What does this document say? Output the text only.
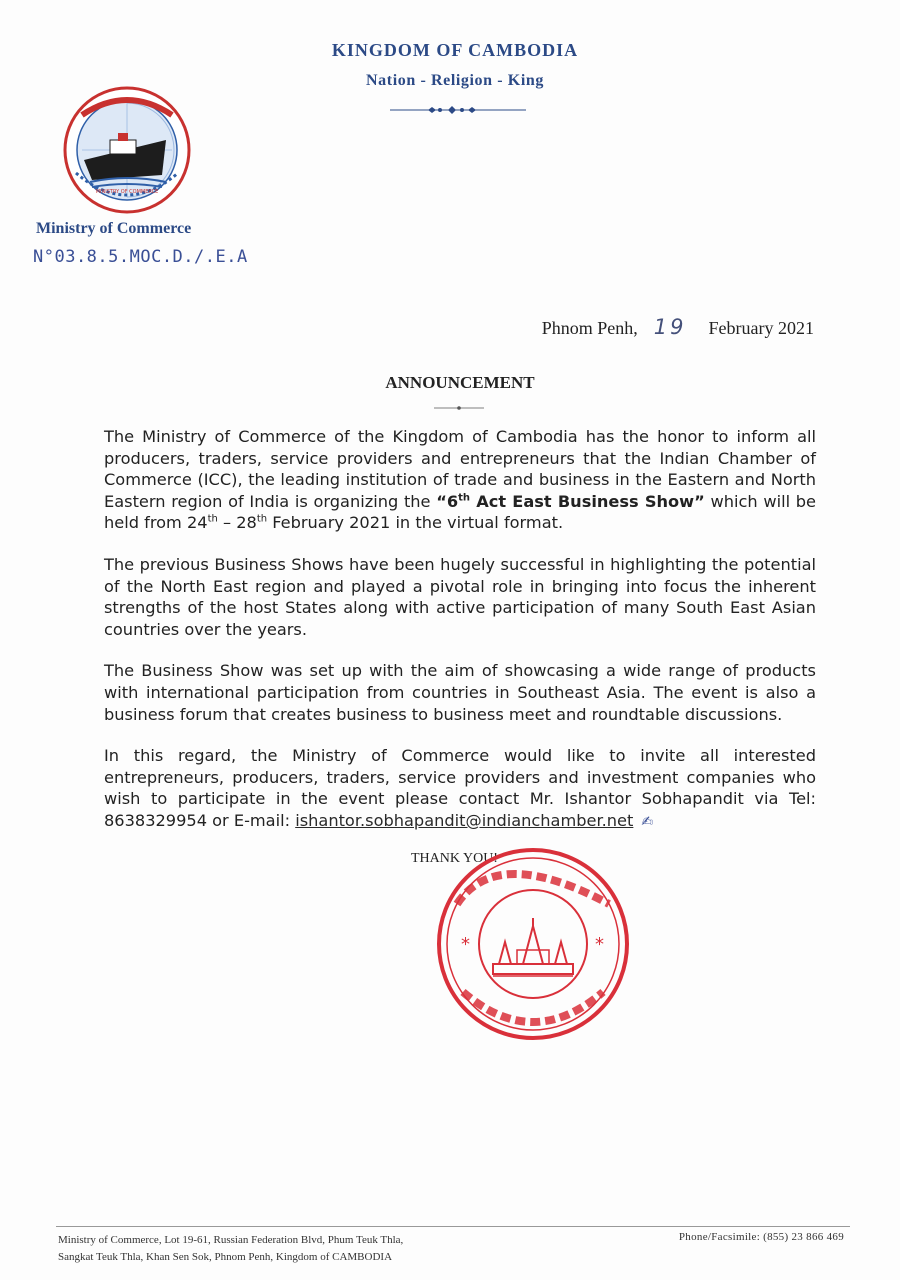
KINGDOM OF CAMBODIA
Nation - Religion - King
MINISTRY OF COMMERCE
Ministry of Commerce
N°03.8.5.MOC.D./.E.A
Phnom Penh, 19 February 2021
ANNOUNCEMENT

The Ministry of Commerce of the Kingdom of Cambodia has the honor to inform all producers, traders, service providers and entrepreneurs that the Indian Chamber of Commerce (ICC), the leading institution of trade and business in the Eastern and North Eastern region of India is organizing the “6th Act East Business Show” which will be held from 24th – 28th February 2021 in the virtual format.

The previous Business Shows have been hugely successful in highlighting the potential of the North East region and played a pivotal role in bringing into focus the inherent strengths of the host States along with active participation of many South East Asian countries over the years.

The Business Show was set up with the aim of showcasing a wide range of products with international participation from countries in Southeast Asia. The event is also a business forum that creates business to business meet and roundtable discussions.

In this regard, the Ministry of Commerce would like to invite all interested entrepreneurs, producers, traders, service providers and investment companies who wish to participate in the event please contact Mr. Ishantor Sobhapandit via Tel: 8638329954 or E-mail: ishantor.sobhapandit@indianchamber.net ✍

THANK YOU!
*	*
Ministry of Commerce, Lot 19-61, Russian Federation Blvd, Phum Teuk Thla,
Sangkat Teuk Thla, Khan Sen Sok, Phnom Penh, Kingdom of CAMBODIA
Phone/Facsimile: (855) 23 866 469
